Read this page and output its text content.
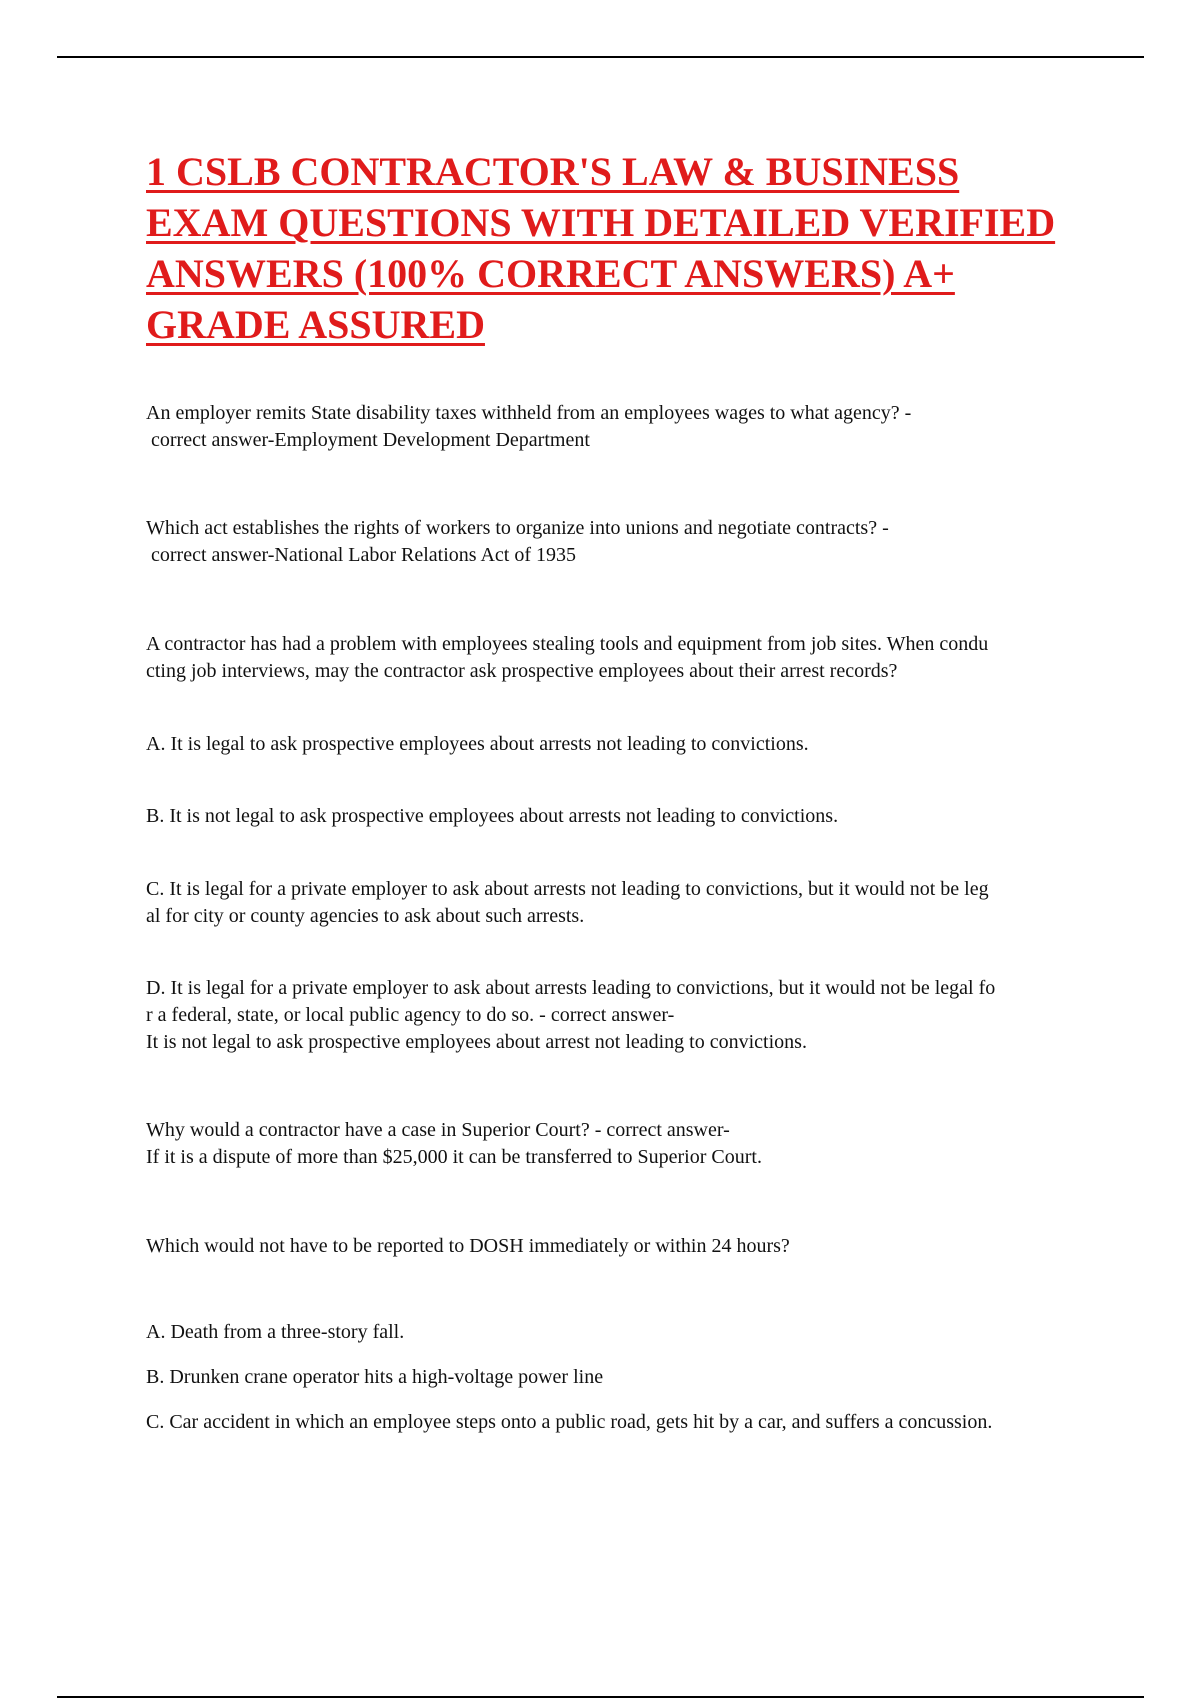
1 CSLB CONTRACTOR'S LAW & BUSINESS EXAM QUESTIONS WITH DETAILED VERIFIED ANSWERS (100% CORRECT ANSWERS) A+ GRADE ASSURED

An employer remits State disability taxes withheld from an employees wages to what agency? -
correct answer-Employment Development Department

Which act establishes the rights of workers to organize into unions and negotiate contracts? -
correct answer-National Labor Relations Act of 1935

A contractor has had a problem with employees stealing tools and equipment from job sites. When condu
cting job interviews, may the contractor ask prospective employees about their arrest records?

A. It is legal to ask prospective employees about arrests not leading to convictions.

B. It is not legal to ask prospective employees about arrests not leading to convictions.

C. It is legal for a private employer to ask about arrests not leading to convictions, but it would not be leg
al for city or county agencies to ask about such arrests.

D. It is legal for a private employer to ask about arrests leading to convictions, but it would not be legal fo
r a federal, state, or local public agency to do so. - correct answer-
It is not legal to ask prospective employees about arrest not leading to convictions.

Why would a contractor have a case in Superior Court? - correct answer-
If it is a dispute of more than $25,000 it can be transferred to Superior Court.

Which would not have to be reported to DOSH immediately or within 24 hours?

A. Death from a three-story fall.

B. Drunken crane operator hits a high-voltage power line

C. Car accident in which an employee steps onto a public road, gets hit by a car, and suffers a concussion.
